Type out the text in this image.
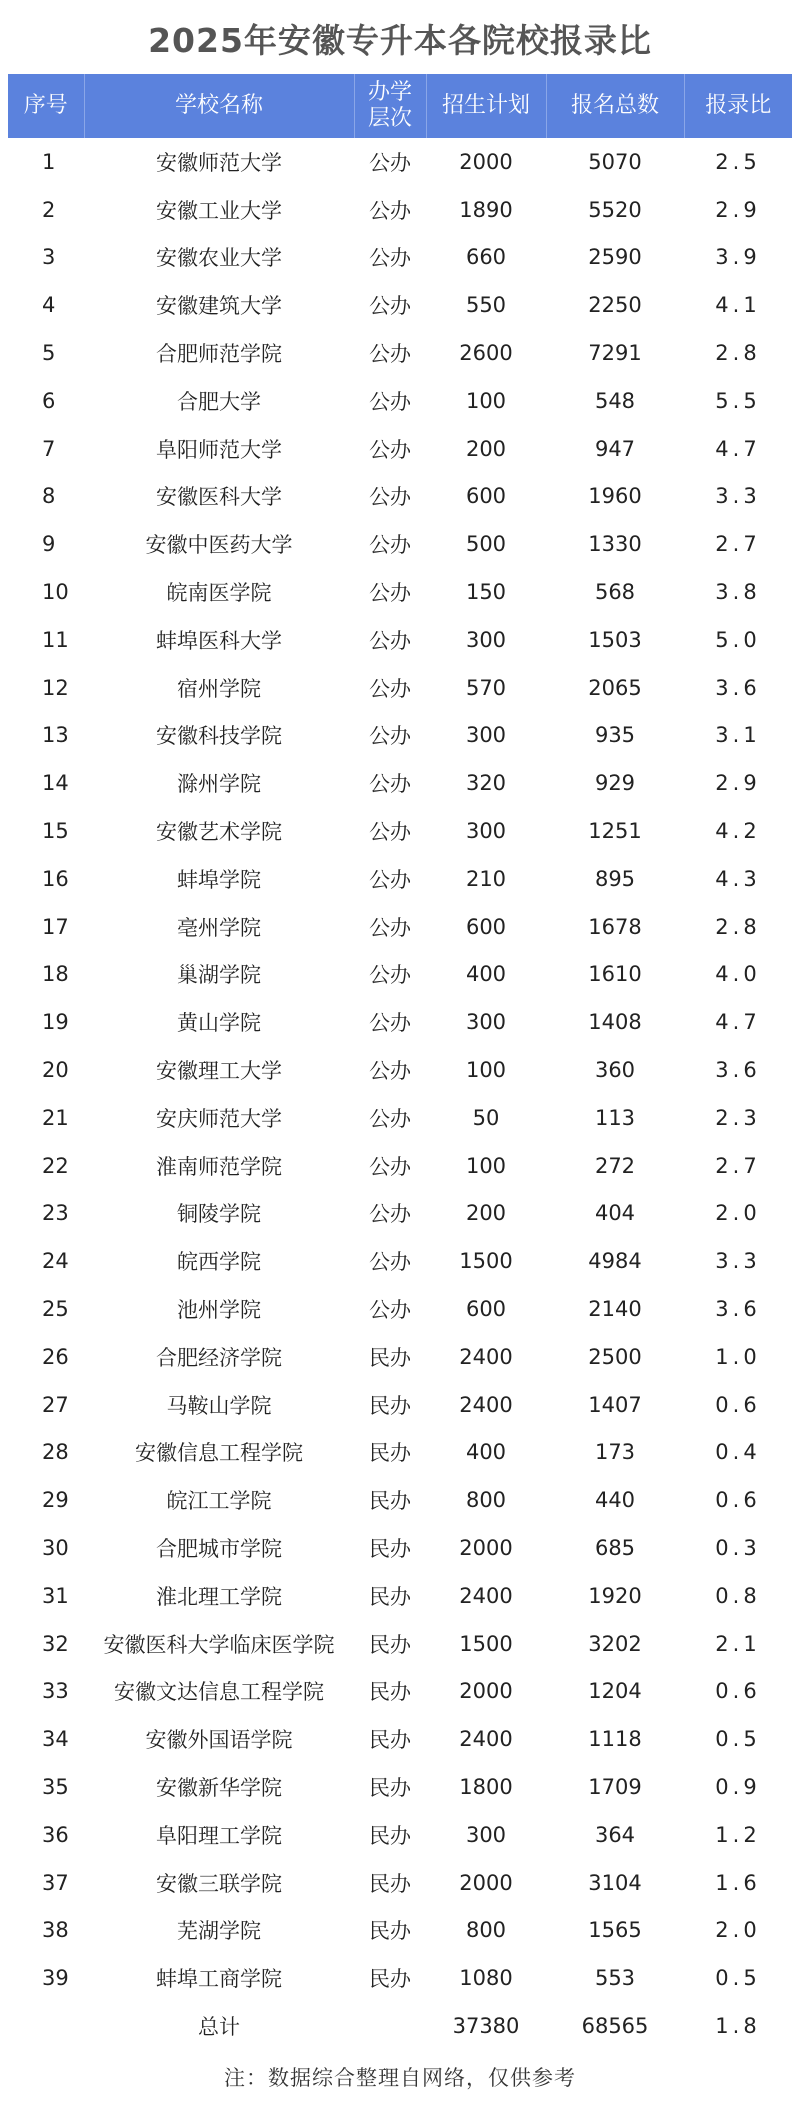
2025年安徽专升本各院校报录比
序号	学校名称	办学层次	招生计划	报名总数	报录比
1	安徽师范大学	公办	2000	5070	2.5
2	安徽工业大学	公办	1890	5520	2.9
3	安徽农业大学	公办	660	2590	3.9
4	安徽建筑大学	公办	550	2250	4.1
5	合肥师范学院	公办	2600	7291	2.8
6	合肥大学	公办	100	548	5.5
7	阜阳师范大学	公办	200	947	4.7
8	安徽医科大学	公办	600	1960	3.3
9	安徽中医药大学	公办	500	1330	2.7
10	皖南医学院	公办	150	568	3.8
11	蚌埠医科大学	公办	300	1503	5.0
12	宿州学院	公办	570	2065	3.6
13	安徽科技学院	公办	300	935	3.1
14	滁州学院	公办	320	929	2.9
15	安徽艺术学院	公办	300	1251	4.2
16	蚌埠学院	公办	210	895	4.3
17	亳州学院	公办	600	1678	2.8
18	巢湖学院	公办	400	1610	4.0
19	黄山学院	公办	300	1408	4.7
20	安徽理工大学	公办	100	360	3.6
21	安庆师范大学	公办	50	113	2.3
22	淮南师范学院	公办	100	272	2.7
23	铜陵学院	公办	200	404	2.0
24	皖西学院	公办	1500	4984	3.3
25	池州学院	公办	600	2140	3.6
26	合肥经济学院	民办	2400	2500	1.0
27	马鞍山学院	民办	2400	1407	0.6
28	安徽信息工程学院	民办	400	173	0.4
29	皖江工学院	民办	800	440	0.6
30	合肥城市学院	民办	2000	685	0.3
31	淮北理工学院	民办	2400	1920	0.8
32	安徽医科大学临床医学院	民办	1500	3202	2.1
33	安徽文达信息工程学院	民办	2000	1204	0.6
34	安徽外国语学院	民办	2400	1118	0.5
35	安徽新华学院	民办	1800	1709	0.9
36	阜阳理工学院	民办	300	364	1.2
37	安徽三联学院	民办	2000	3104	1.6
38	芜湖学院	民办	800	1565	2.0
39	蚌埠工商学院	民办	1080	553	0.5
	总计		37380	68565	1.8
注：数据综合整理自网络，仅供参考
